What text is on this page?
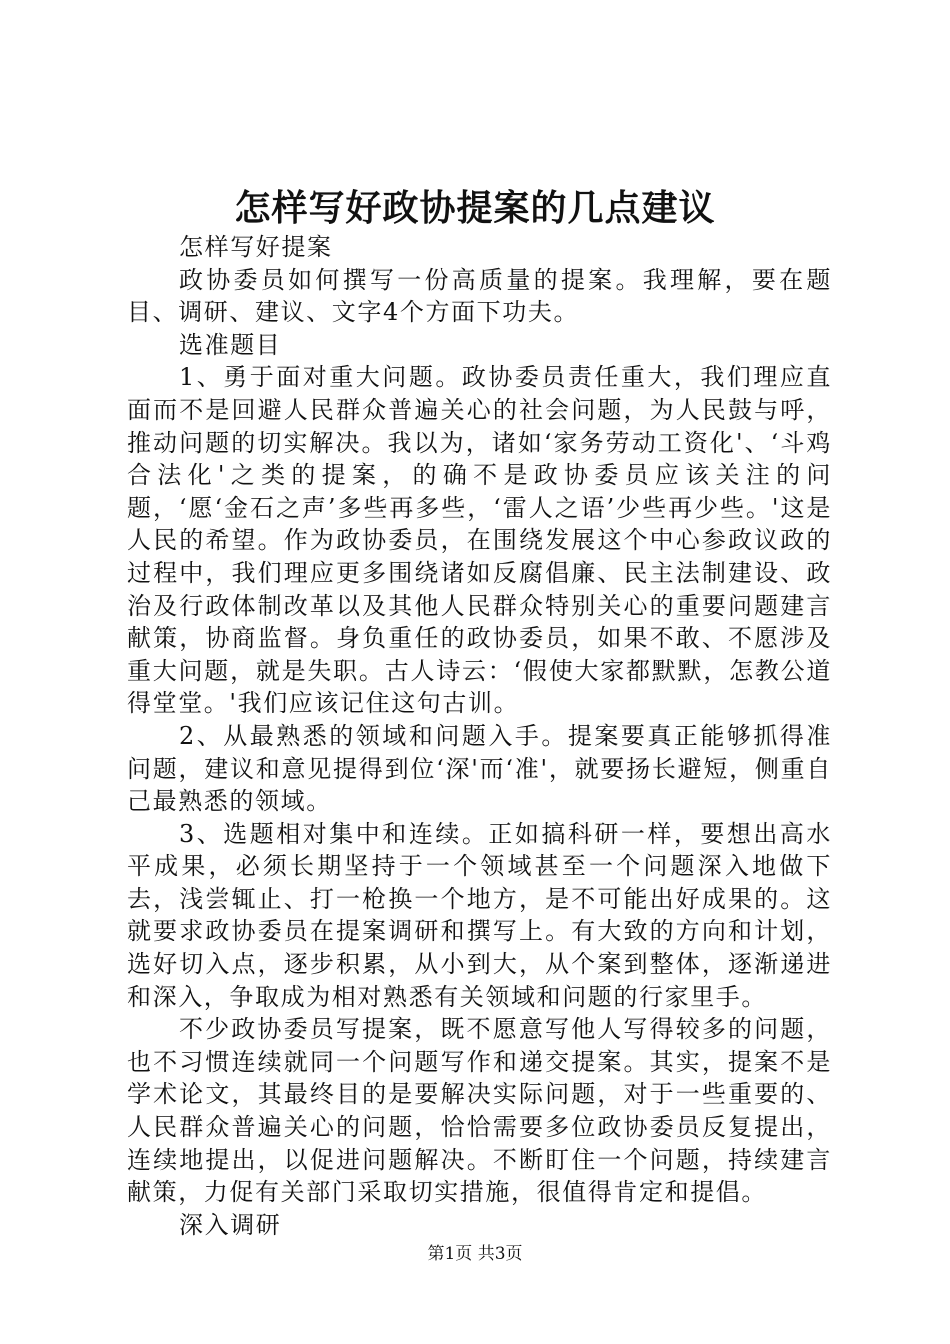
怎样写好政协提案的几点建议

怎样写好提案

政协委员如何撰写一份高质量的提案。我理解，要在题目、调研、建议、文字4个方面下功夫。

选准题目

1、勇于面对重大问题。政协委员责任重大，我们理应直面而不是回避人民群众普遍关心的社会问题，为人民鼓与呼，推动问题的切实解决。我以为，诸如‘家务劳动工资化'、‘斗鸡合法化'之类的提案，的确不是政协委员应该关注的问题，‘愿‘金石之声’多些再多些，‘雷人之语’少些再少些。'这是人民的希望。作为政协委员，在围绕发展这个中心参政议政的过程中，我们理应更多围绕诸如反腐倡廉、民主法制建设、政治及行政体制改革以及其他人民群众特别关心的重要问题建言献策，协商监督。身负重任的政协委员，如果不敢、不愿涉及重大问题，就是失职。古人诗云：‘假使大家都默默，怎教公道得堂堂。'我们应该记住这句古训。

2、从最熟悉的领域和问题入手。提案要真正能够抓得准问题，建议和意见提得到位‘深'而‘准'，就要扬长避短，侧重自己最熟悉的领域。

3、选题相对集中和连续。正如搞科研一样，要想出高水平成果，必须长期坚持于一个领域甚至一个问题深入地做下去，浅尝辄止、打一枪换一个地方，是不可能出好成果的。这就要求政协委员在提案调研和撰写上。有大致的方向和计划，选好切入点，逐步积累，从小到大，从个案到整体，逐渐递进和深入，争取成为相对熟悉有关领域和问题的行家里手。

不少政协委员写提案，既不愿意写他人写得较多的问题，也不习惯连续就同一个问题写作和递交提案。其实，提案不是学术论文，其最终目的是要解决实际问题，对于一些重要的、人民群众普遍关心的问题，恰恰需要多位政协委员反复提出，连续地提出，以促进问题解决。不断盯住一个问题，持续建言献策，力促有关部门采取切实措施，很值得肯定和提倡。

深入调研

第1页 共3页
